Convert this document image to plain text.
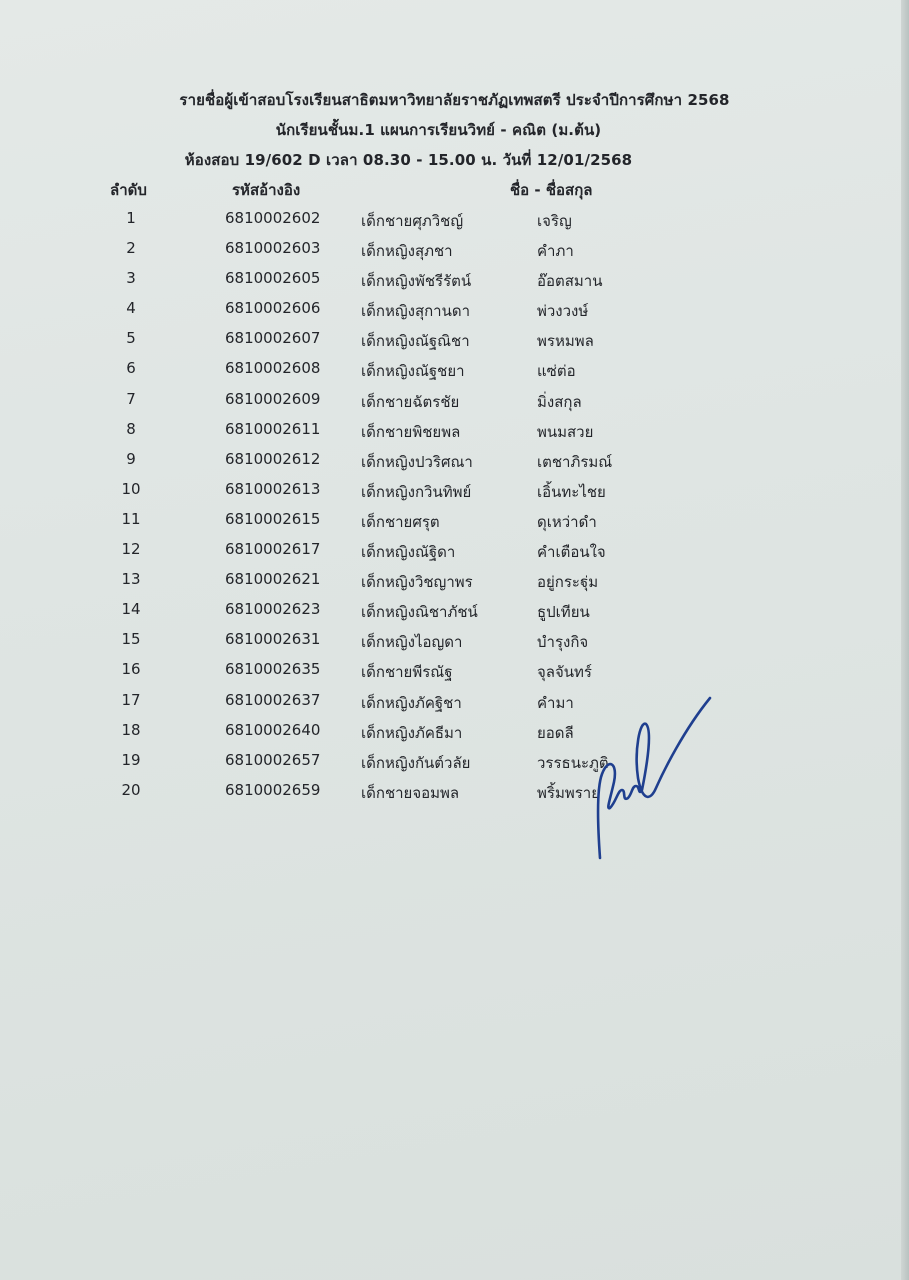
รายชื่อผู้เข้าสอบโรงเรียนสาธิตมหาวิทยาลัยราชภัฏเทพสตรี ประจำปีการศึกษา 2568
นักเรียนชั้นม.1 แผนการเรียนวิทย์ - คณิต (ม.ต้น)
ห้องสอบ 19/602 D เวลา 08.30 - 15.00 น. วันที่ 12/01/2568
ลำดับ	รหัสอ้างอิง	ชื่อ - ชื่อสกุล
1	6810002602	เด็กชายศุภวิชญ์	เจริญ
2	6810002603	เด็กหญิงสุภชา	คำภา
3	6810002605	เด็กหญิงพัชรีรัตน์	อ๊อตสมาน
4	6810002606	เด็กหญิงสุกานดา	พ่วงวงษ์
5	6810002607	เด็กหญิงณัฐณิชา	พรหมพล
6	6810002608	เด็กหญิงณัฐชยา	แซ่ต่อ
7	6810002609	เด็กชายฉัตรชัย	มิ่งสกุล
8	6810002611	เด็กชายพิชยพล	พนมสวย
9	6810002612	เด็กหญิงปวริศณา	เตชาภิรมณ์
10	6810002613	เด็กหญิงกวินทิพย์	เอิ้นทะไชย
11	6810002615	เด็กชายศรุต	ดุเหว่าดำ
12	6810002617	เด็กหญิงณัฐิดา	คำเตือนใจ
13	6810002621	เด็กหญิงวิชญาพร	อยู่กระฐุ่ม
14	6810002623	เด็กหญิงณิชาภัชน์	ธูปเทียน
15	6810002631	เด็กหญิงไอญดา	บำรุงกิจ
16	6810002635	เด็กชายพีรณัฐ	จุลจันทร์
17	6810002637	เด็กหญิงภัคฐิชา	คำมา
18	6810002640	เด็กหญิงภัคธีมา	ยอดลี
19	6810002657	เด็กหญิงกันต์วลัย	วรรธนะภูติ
20	6810002659	เด็กชายจอมพล	พริ้มพราย
